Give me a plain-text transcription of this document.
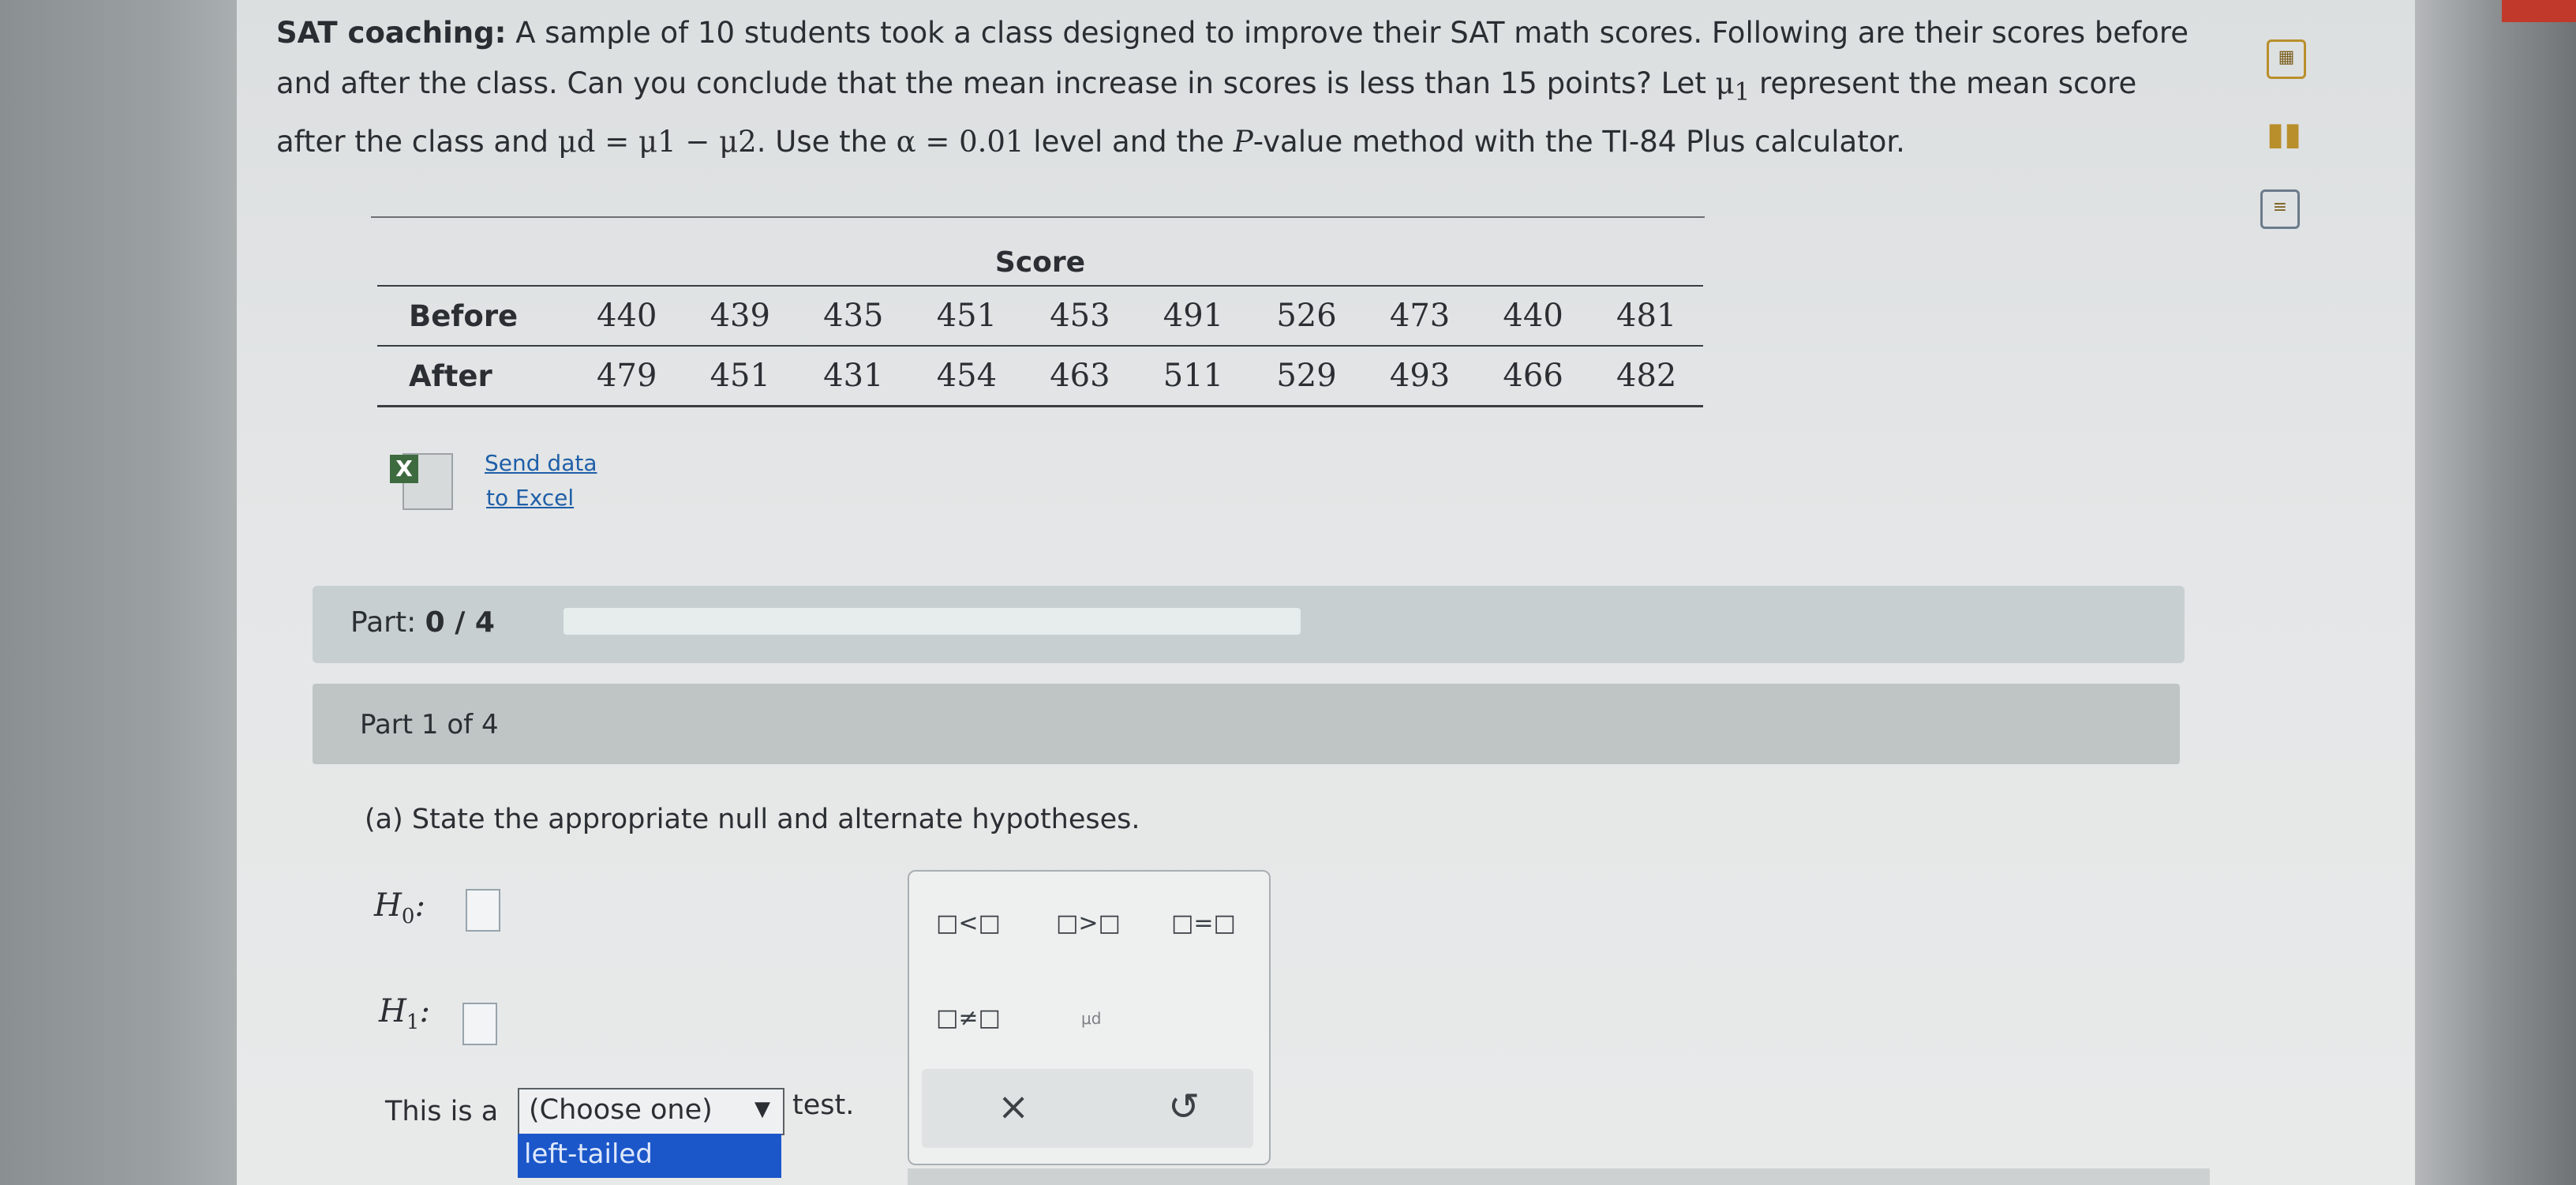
SAT coaching: A sample of 10 students took a class designed to improve their SAT math scores. Following are their scores before
and after the class. Can you conclude that the mean increase in scores is less than 15 points? Let $\mu_1$ represent the mean score
after the class and μd = μ1 − μ2. Use the α = 0.01 level and the P-value method with the TI-84 Plus calculator.
▦
▮▮
≡
Score										
Before	440	439	435	451	453	491	526	473	440	481
After	479	451	431	454	463	511	529	493	466	482
X	Send data
to Excel
Part: 0 / 4
Part 1 of 4
(a) State the appropriate null and alternate hypotheses.
$H_0$:
$H_1$:
□<□ □>□ □=□
□≠□	μd
×	↺
This is a (Choose one) ▼ test.
left-tailed
